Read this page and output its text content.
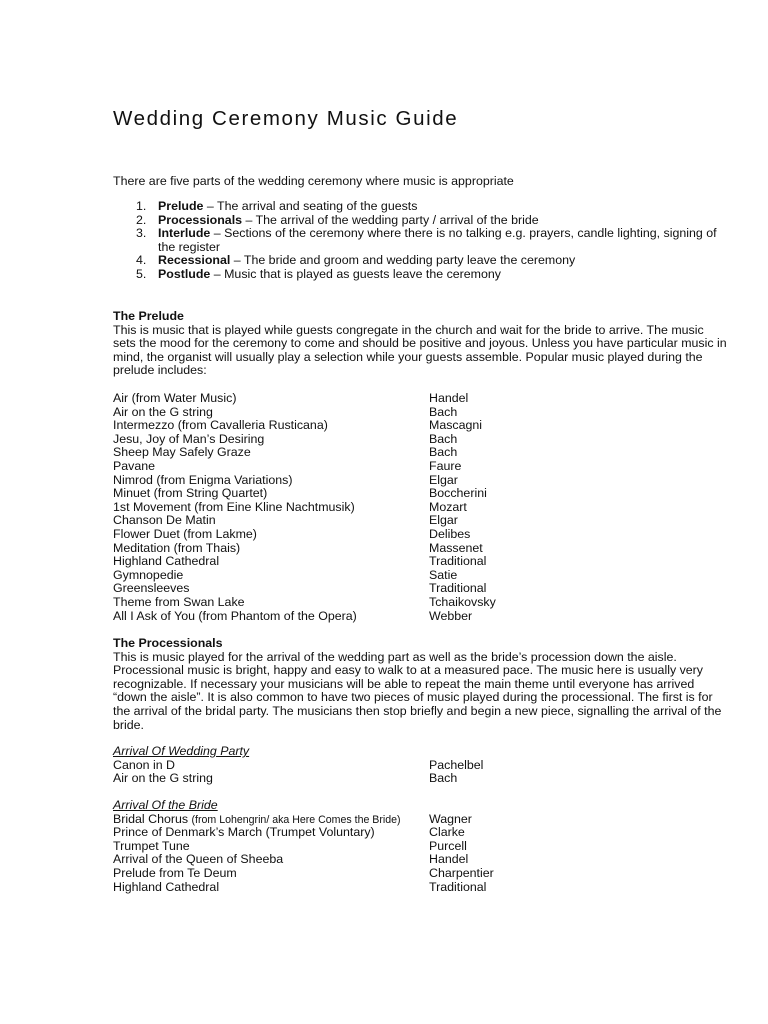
Wedding Ceremony Music Guide
There are five parts of the wedding ceremony where music is appropriate
1. Prelude – The arrival and seating of the guests
2. Processionals – The arrival of the wedding party / arrival of the bride
3. Interlude – Sections of the ceremony where there is no talking e.g. prayers, candle lighting, signing of the register
4. Recessional – The bride and groom and wedding party leave the ceremony
5. Postlude – Music that is played as guests leave the ceremony
The Prelude

This is music that is played while guests congregate in the church and wait for the bride to arrive. The music sets the mood for the ceremony to come and should be positive and joyous. Unless you have particular music in mind, the organist will usually play a selection while your guests assemble. Popular music played during the prelude includes:

Air (from Water Music)	Handel
Air on the G string	Bach
Intermezzo (from Cavalleria Rusticana)	Mascagni
Jesu, Joy of Man’s Desiring	Bach
Sheep May Safely Graze	Bach
Pavane	Faure
Nimrod (from Enigma Variations)	Elgar
Minuet (from String Quartet)	Boccherini
1st Movement (from Eine Kline Nachtmusik)	Mozart
Chanson De Matin	Elgar
Flower Duet (from Lakme)	Delibes
Meditation (from Thais)	Massenet
Highland Cathedral	Traditional
Gymnopedie	Satie
Greensleeves	Traditional
Theme from Swan Lake	Tchaikovsky
All I Ask of You (from Phantom of the Opera)	Webber
The Processionals

This is music played for the arrival of the wedding part as well as the bride’s procession down the aisle. Processional music is bright, happy and easy to walk to at a measured pace. The music here is usually very recognizable. If necessary your musicians will be able to repeat the main theme until everyone has arrived “down the aisle”. It is also common to have two pieces of music played during the processional. The first is for the arrival of the bridal party. The musicians then stop briefly and begin a new piece, signalling the arrival of the bride.

Arrival Of Wedding Party
Canon in D	Pachelbel
Air on the G string	Bach
Arrival Of the Bride
Bridal Chorus (from Lohengrin/ aka Here Comes the Bride)	Wagner
Prince of Denmark’s March (Trumpet Voluntary)	Clarke
Trumpet Tune	Purcell
Arrival of the Queen of Sheeba	Handel
Prelude from Te Deum	Charpentier
Highland Cathedral	Traditional
